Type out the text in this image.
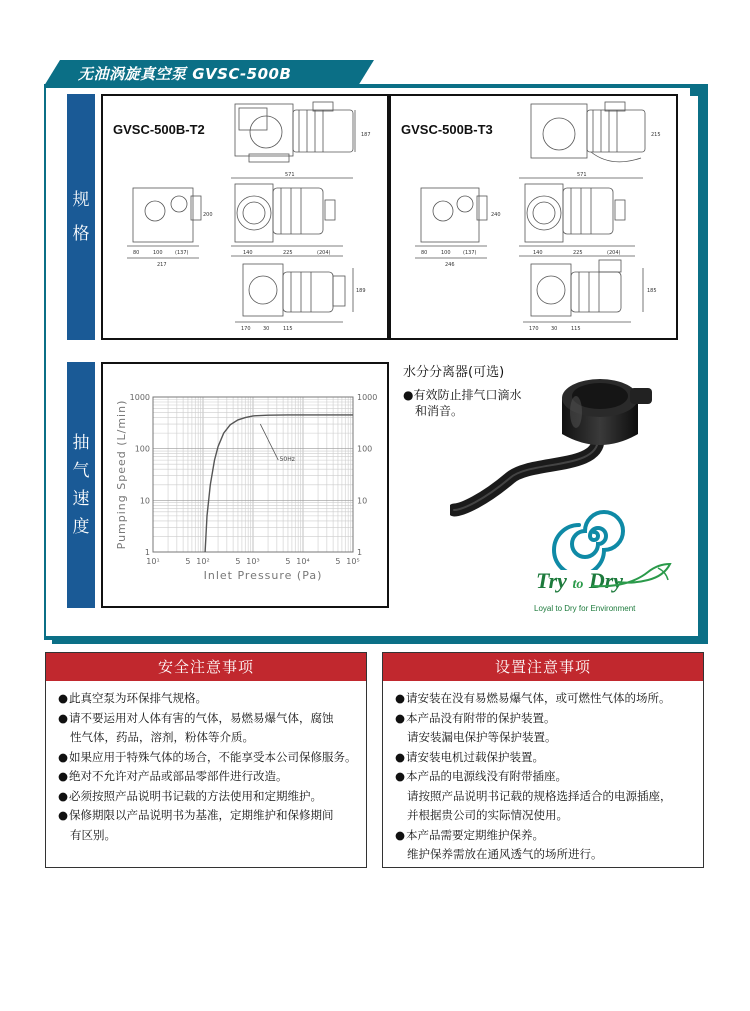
无油涡旋真空泵 GVSC-500B
规格
GVSC-500B-T2	187
571
217
200
80	100 (137)	140	225	(204)
189
170 30	115
GVSC-500B-T3	215
571
246
240
80	100 (137)	140	225	(204)
185
170 30	115
抽气速度
10¹	5 10²	5 10³	5 10⁴	5 10⁵
1000
100
10
1
1000
100
10
1
Inlet Pressure (Pa)
Pumping Speed (L/min)	50Hz
水分分离器(可选)
●有效防止排气口滴水
和消音。
Try to Dry
Loyal to Dry for Environment
安全注意事项
●此真空泵为环保排气规格。
●请不要运用对人体有害的气体，易燃易爆气体，腐蚀
性气体，药品，溶剂，粉体等介质。
●如果应用于特殊气体的场合，不能享受本公司保修服务。
●绝对不允许对产品或部品零部件进行改造。
●必须按照产品说明书记载的方法使用和定期维护。
●保修期限以产品说明书为基准，定期维护和保修期间
有区别。
设置注意事项
●请安装在没有易燃易爆气体，或可燃性气体的场所。
●本产品没有附带的保护装置。
请安装漏电保护等保护装置。
●请安装电机过载保护装置。
●本产品的电源线没有附带插座。
请按照产品说明书记载的规格选择适合的电源插座，
并根据贵公司的实际情况使用。
●本产品需要定期维护保养。
维护保养需放在通风透气的场所进行。
